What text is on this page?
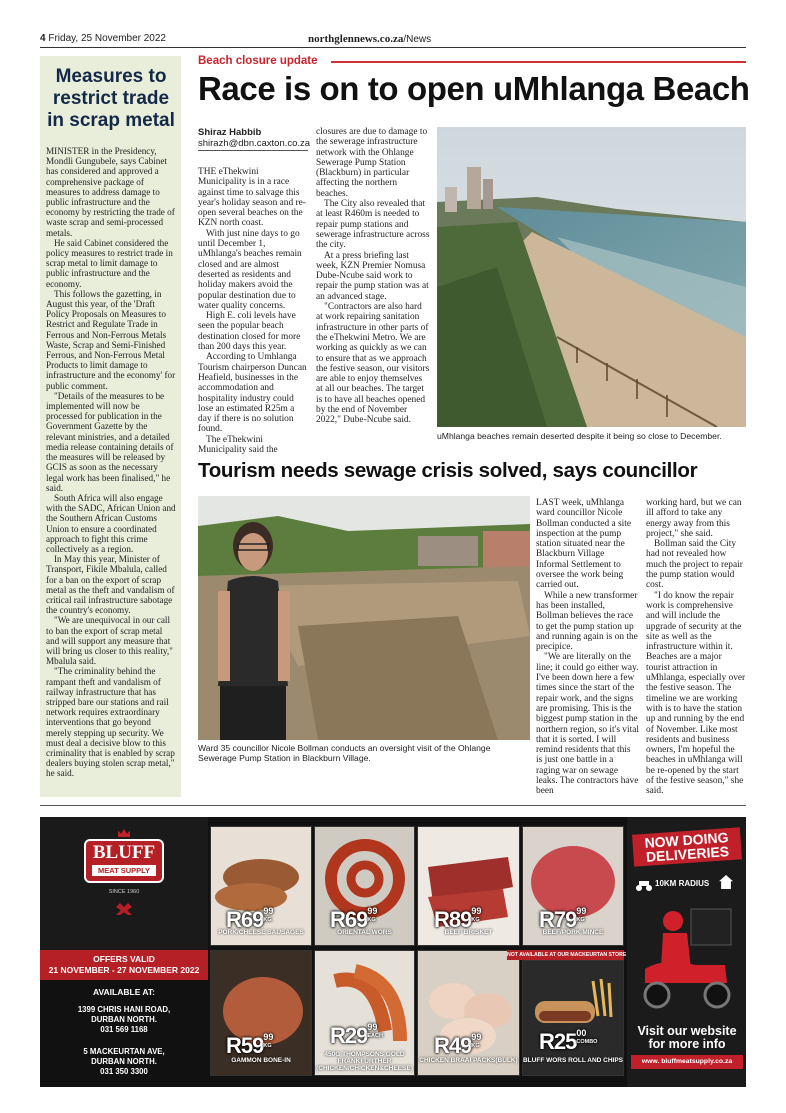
4 Friday, 25 November 2022	northglennews.co.za/News
Measures to restrict trade in scrap metal

MINISTER in the Presidency, Mondli Gungubele, says Cabinet has considered and approved a comprehensive package of measures to address damage to public infrastructure and the economy by restricting the trade of waste scrap and semi-processed metals.

He said Cabinet considered the policy measures to restrict trade in scrap metal to limit damage to public infrastructure and the economy.

This follows the gazetting, in August this year, of the 'Draft Policy Proposals on Measures to Restrict and Regulate Trade in Ferrous and Non-Ferrous Metals Waste, Scrap and Semi-Finished Ferrous, and Non-Ferrous Metal Products to limit damage to infrastructure and the economy' for public comment.

"Details of the measures to be implemented will now be processed for publication in the Government Gazette by the relevant ministries, and a detailed media release containing details of the measures will be released by GCIS as soon as the necessary legal work has been finalised," he said.

South Africa will also engage with the SADC, African Union and the Southern African Customs Union to ensure a coordinated approach to fight this crime collectively as a region.

In May this year, Minister of Transport, Fikile Mbalula, called for a ban on the export of scrap metal as the theft and vandalism of critical rail infrastructure sabotage the country's economy.

"We are unequivocal in our call to ban the export of scrap metal and will support any measure that will bring us closer to this reality," Mbalula said.

"The criminality behind the rampant theft and vandalism of railway infrastructure that has stripped bare our stations and rail network requires extraordinary interventions that go beyond merely stepping up security. We must deal a decisive blow to this criminality that is enabled by scrap dealers buying stolen scrap metal," he said.

Beach closure update
Race is on to open uMhlanga Beach
Shiraz Habbib
shirazh@dbn.caxton.co.za

THE eThekwini Municipality is in a race against time to salvage this year's holiday season and re-open several beaches on the KZN north coast.

With just nine days to go until December 1, uMhlanga's beaches remain closed and are almost deserted as residents and holiday makers avoid the popular destination due to water quality concerns.

High E. coli levels have seen the popular beach destination closed for more than 200 days this year.

According to Umhlanga Tourism chairperson Duncan Heafield, businesses in the accommodation and hospitality industry could lose an estimated R25m a day if there is no solution found.

The eThekwini Municipality said the

closures are due to damage to the sewerage infrastructure network with the Ohlange Sewerage Pump Station (Blackburn) in particular affecting the northern beaches.

The City also revealed that at least R460m is needed to repair pump stations and sewerage infrastructure across the city.

At a press briefing last week, KZN Premier Nomusa Dube-Ncube said work to repair the pump station was at an advanced stage.

"Contractors are also hard at work repairing sanitation infrastructure in other parts of the eThekwini Metro. We are working as quickly as we can to ensure that as we approach the festive season, our visitors are able to enjoy themselves at all our beaches. The target is to have all beaches opened by the end of November 2022," Dube-Ncube said.

uMhlanga beaches remain deserted despite it being so close to December.
Tourism needs sewage crisis solved, says councillor
Ward 35 councillor Nicole Bollman conducts an oversight visit of the Ohlange Sewerage Pump Station in Blackburn Village.

LAST week, uMhlanga ward councillor Nicole Bollman conducted a site inspection at the pump station situated near the Blackburn Village Informal Settlement to oversee the work being carried out.

While a new transformer has been installed, Bollman believes the race to get the pump station up and running again is on the precipice.

"We are literally on the line; it could go either way. I've been down here a few times since the start of the repair work, and the signs are promising. This is the biggest pump station in the northern region, so it's vital that it is sorted. I will remind residents that this is just one battle in a raging war on sewage leaks. The contractors have been

working hard, but we can ill afford to take any energy away from this project," she said.

Bollman said the City had not revealed how much the project to repair the pump station would cost.

"I do know the repair work is comprehensive and will include the upgrade of security at the site as well as the infrastructure within it. Beaches are a major tourist attraction in uMhlanga, especially over the festive season. The timeline we are working with is to have the station up and running by the end of November. Like most residents and business owners, I'm hopeful the beaches in uMhlanga will be re-opened by the start of the festive season," she said.

BLUFF
MEAT SUPPLY
SINCE 1960
OFFERS VALID
21 NOVEMBER - 27 NOVEMBER 2022
AVAILABLE AT:
1399 CHRIS HANI ROAD,
DURBAN NORTH.
031 569 1168
5 MACKEURTAN AVE,
DURBAN NORTH.
031 350 3300
NOT AVAILABLE AT OUR MACKEURTAN STORE
R6999
KG
PORK/CHEESE SAUSAGES
R6999
KG
ORIENTAL WORS
R8999
KG
BEEF BRISKET
R7999
KG
BEEF/PORK MINCE
R5999
KG
GAMMON BONE-IN
R2999
EACH
450G THOMPSONS GOLD FRANKFURTHER (CHICKEN/CHICKEN&CHEESE)
R4999
KG
CHICKEN BRAAI PACKS(BULK)
R2500
COMBO
BLUFF WORS ROLL AND CHIPS
NOW DOING DELIVERIES
10KM RADIUS
Visit our website for more info
www. bluffmeatsupply.co.za
